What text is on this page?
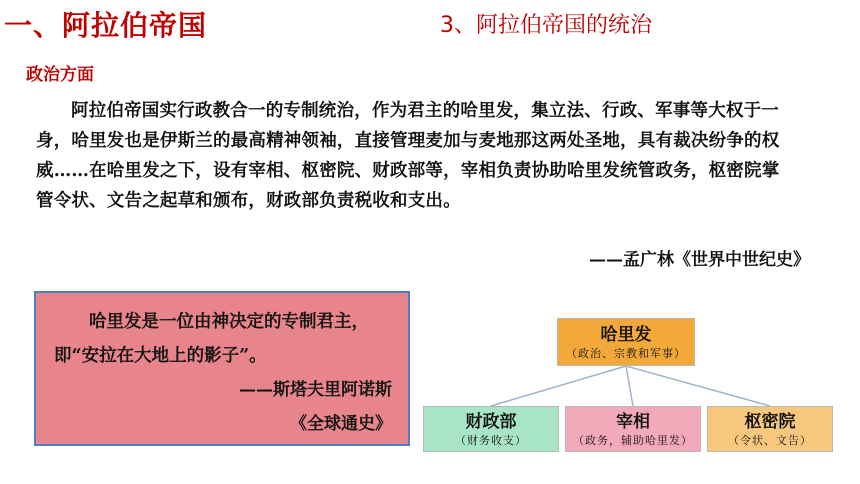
一、阿拉伯帝国	3、阿拉伯帝国的统治
政治方面

阿拉伯帝国实行政教合一的专制统治，作为君主的哈里发，集立法、行政、军事等大权于一身，哈里发也是伊斯兰的最高精神领袖，直接管理麦加与麦地那这两处圣地，具有裁决纷争的权威……在哈里发之下，设有宰相、枢密院、财政部等，宰相负责协助哈里发统管政务，枢密院掌管令状、文告之起草和颁布，财政部负责税收和支出。

——孟广林《世界中世纪史》

哈里发是一位由神决定的专制君主，即“安拉在大地上的影子”。

——斯塔夫里阿诺斯
《全球通史》
哈里发
（政治、宗教和军事）
财政部
（财务收支）
宰相
（政务，辅助哈里发）
枢密院
（令状、文告）
